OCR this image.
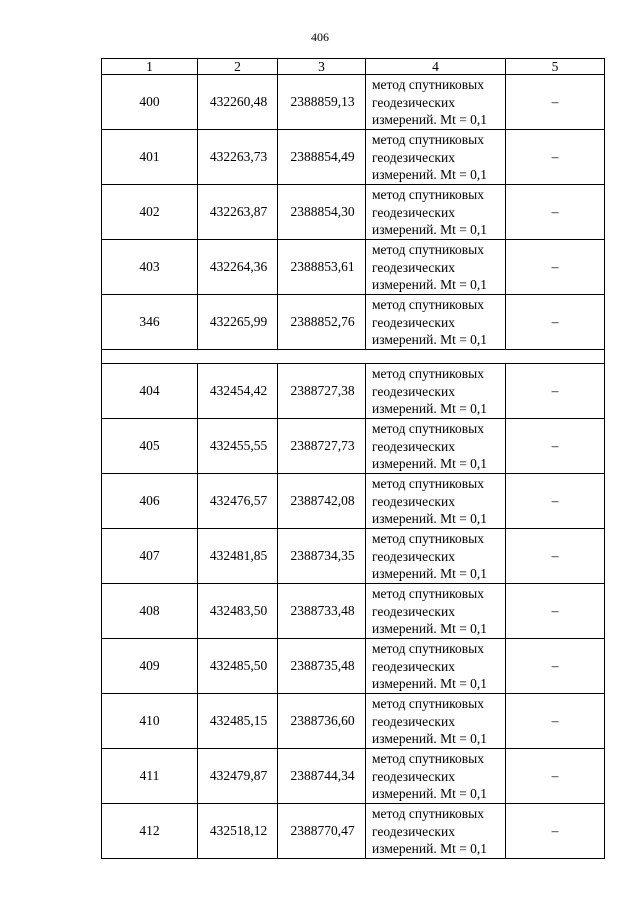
406
1	2	3	4	5
400	432260,48	2388859,13	метод спутниковых
геодезических
измерений. Mt = 0,1	–
401	432263,73	2388854,49	метод спутниковых
геодезических
измерений. Mt = 0,1	–
402	432263,87	2388854,30	метод спутниковых
геодезических
измерений. Mt = 0,1	–
403	432264,36	2388853,61	метод спутниковых
геодезических
измерений. Mt = 0,1	–
346	432265,99	2388852,76	метод спутниковых
геодезических
измерений. Mt = 0,1	–

404	432454,42	2388727,38	метод спутниковых
геодезических
измерений. Mt = 0,1	–
405	432455,55	2388727,73	метод спутниковых
геодезических
измерений. Mt = 0,1	–
406	432476,57	2388742,08	метод спутниковых
геодезических
измерений. Mt = 0,1	–
407	432481,85	2388734,35	метод спутниковых
геодезических
измерений. Mt = 0,1	–
408	432483,50	2388733,48	метод спутниковых
геодезических
измерений. Mt = 0,1	–
409	432485,50	2388735,48	метод спутниковых
геодезических
измерений. Mt = 0,1	–
410	432485,15	2388736,60	метод спутниковых
геодезических
измерений. Mt = 0,1	–
411	432479,87	2388744,34	метод спутниковых
геодезических
измерений. Mt = 0,1	–
412	432518,12	2388770,47	метод спутниковых
геодезических
измерений. Mt = 0,1	–
